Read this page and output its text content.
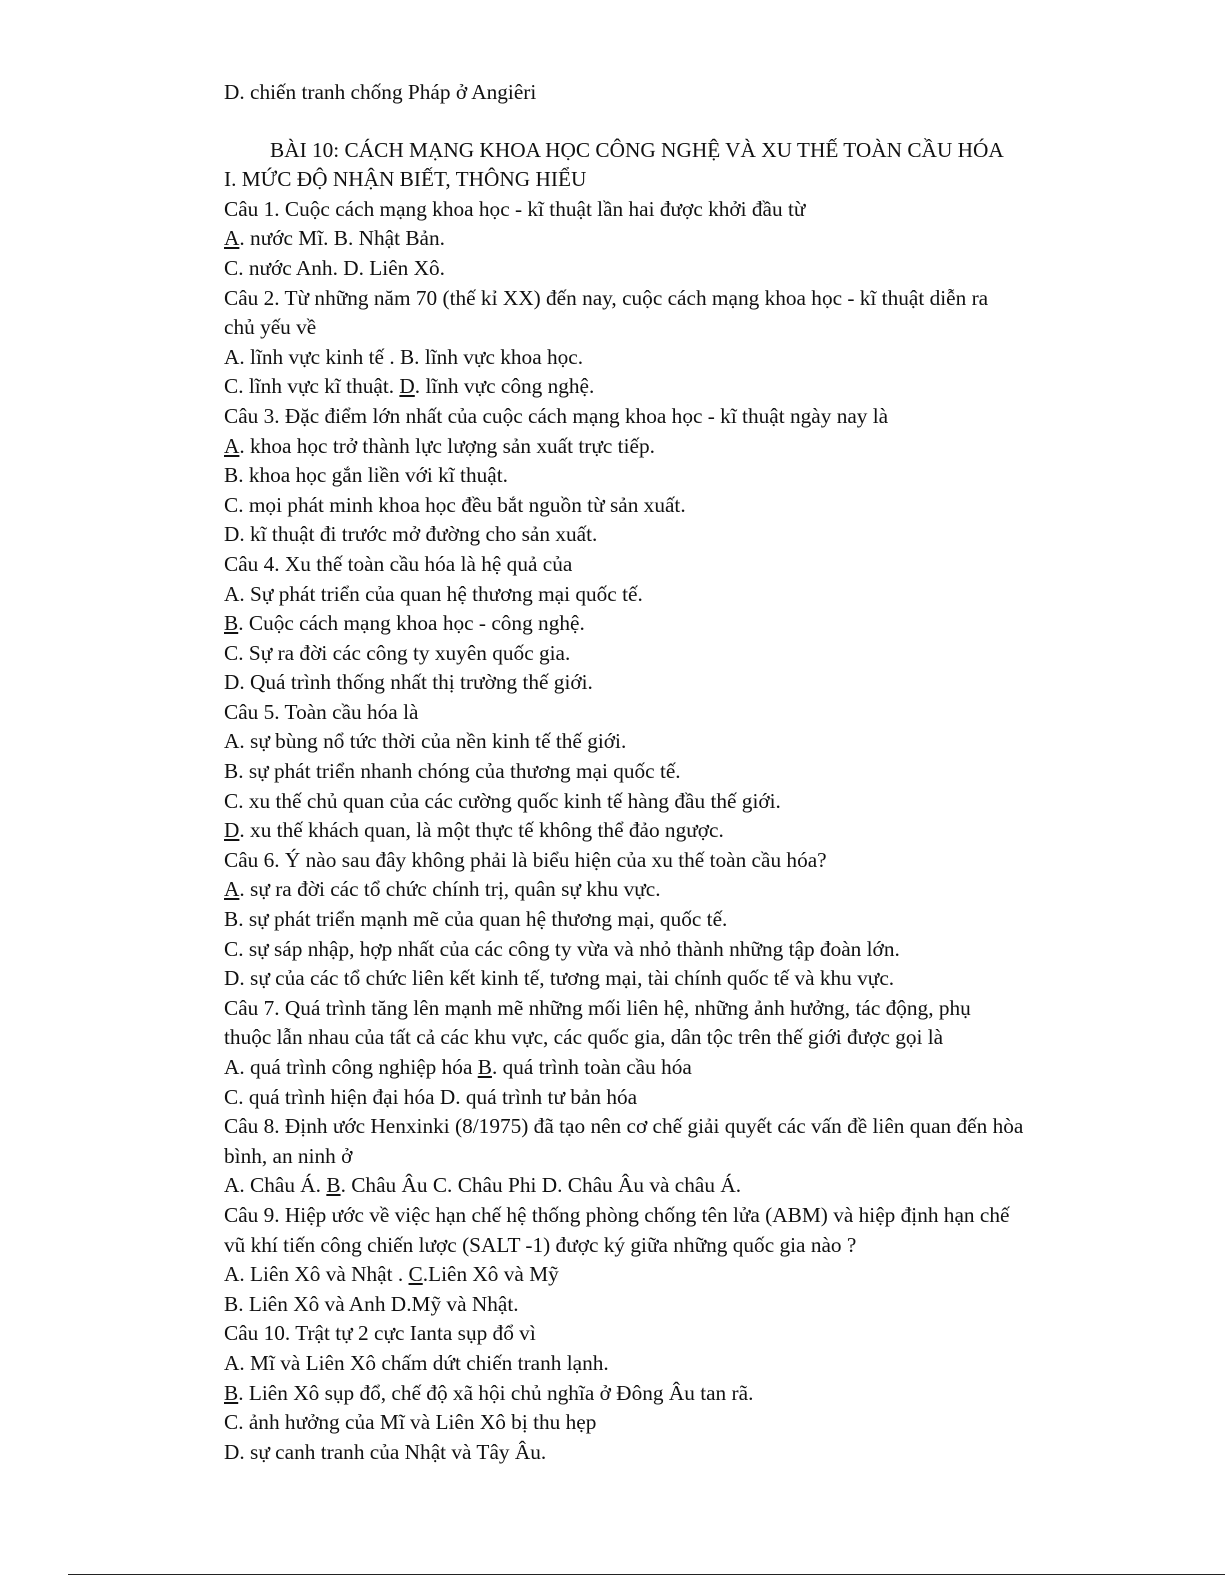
D. chiến tranh chống Pháp ở Angiêri
BÀI 10: CÁCH MẠNG KHOA HỌC CÔNG NGHỆ VÀ XU THẾ TOÀN CẦU HÓA
I. MỨC ĐỘ NHẬN BIẾT, THÔNG HIỂU
Câu 1. Cuộc cách mạng khoa học - kĩ thuật lần hai được khởi đầu từ
A. nước Mĩ. B. Nhật Bản.
C. nước Anh. D. Liên Xô.
Câu 2. Từ những năm 70 (thế kỉ XX) đến nay, cuộc cách mạng khoa học - kĩ thuật diễn ra
chủ yếu về
A. lĩnh vực kinh tế . B. lĩnh vực khoa học.
C. lĩnh vực kĩ thuật. D. lĩnh vực công nghệ.
Câu 3. Đặc điểm lớn nhất của cuộc cách mạng khoa học - kĩ thuật ngày nay là
A. khoa học trở thành lực lượng sản xuất trực tiếp.
B. khoa học gắn liền với kĩ thuật.
C. mọi phát minh khoa học đều bắt nguồn từ sản xuất.
D. kĩ thuật đi trước mở đường cho sản xuất.
Câu 4. Xu thế toàn cầu hóa là hệ quả của
A. Sự phát triển của quan hệ thương mại quốc tế.
B. Cuộc cách mạng khoa học - công nghệ.
C. Sự ra đời các công ty xuyên quốc gia.
D. Quá trình thống nhất thị trường thế giới.
Câu 5. Toàn cầu hóa là
A. sự bùng nổ tức thời của nền kinh tế thế giới.
B. sự phát triển nhanh chóng của thương mại quốc tế.
C. xu thế chủ quan của các cường quốc kinh tế hàng đầu thế giới.
D. xu thế khách quan, là một thực tế không thể đảo ngược.
Câu 6. Ý nào sau đây không phải là biểu hiện của xu thế toàn cầu hóa?
A. sự ra đời các tổ chức chính trị, quân sự khu vực.
B. sự phát triển mạnh mẽ của quan hệ thương mại, quốc tế.
C. sự sáp nhập, hợp nhất của các công ty vừa và nhỏ thành những tập đoàn lớn.
D. sự của các tổ chức liên kết kinh tế, tương mại, tài chính quốc tế và khu vực.
Câu 7. Quá trình tăng lên mạnh mẽ những mối liên hệ, những ảnh hưởng, tác động, phụ
thuộc lẫn nhau của tất cả các khu vực, các quốc gia, dân tộc trên thế giới được gọi là
A. quá trình công nghiệp hóa B. quá trình toàn cầu hóa
C. quá trình hiện đại hóa D. quá trình tư bản hóa
Câu 8. Định ước Henxinki (8/1975) đã tạo nên cơ chế giải quyết các vấn đề liên quan đến hòa
bình, an ninh ở
A. Châu Á. B. Châu Âu C. Châu Phi D. Châu Âu và châu Á.
Câu 9. Hiệp ước về việc hạn chế hệ thống phòng chống tên lửa (ABM) và hiệp định hạn chế
vũ khí tiến công chiến lược (SALT -1) được ký giữa những quốc gia nào ?
A. Liên Xô và Nhật . C.Liên Xô và Mỹ
B. Liên Xô và Anh D.Mỹ và Nhật.
Câu 10. Trật tự 2 cực Ianta sụp đổ vì
A. Mĩ và Liên Xô chấm dứt chiến tranh lạnh.
B. Liên Xô sụp đổ, chế độ xã hội chủ nghĩa ở Đông Âu tan rã.
C. ảnh hưởng của Mĩ và Liên Xô bị thu hẹp
D. sự canh tranh của Nhật và Tây Âu.
